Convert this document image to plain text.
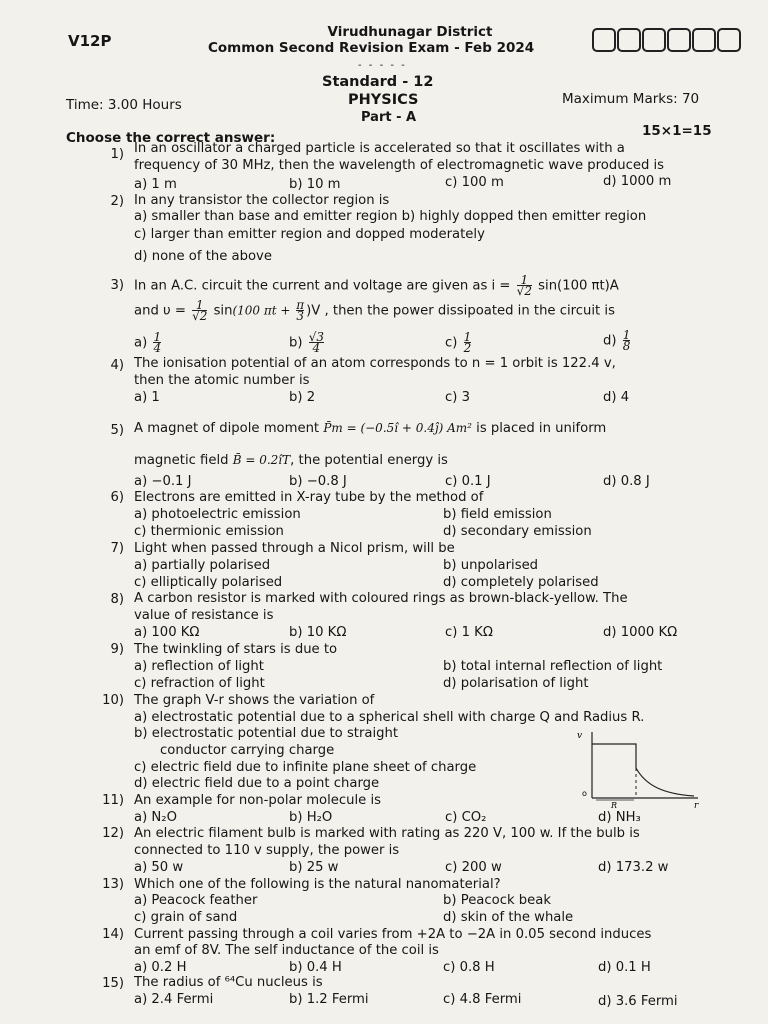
V12P	Virudhunagar District
Common Second Revision Exam - Feb 2024
- - - - -
Standard - 12
Time: 3.00 Hours	PHYSICS	Maximum Marks: 70
Part - A
Choose the correct answer:	15×1=15
1) In an oscillator a charged particle is accelerated so that it oscillates with a
frequency of 30 MHz, then the wavelength of electromagnetic wave produced is
a) 1 m	b) 10 m	c) 100 m	d) 1000 m
2) In any transistor the collector region is
a) smaller than base and emitter region b) highly dopped then emitter region
c) larger than emitter region and dopped moderately
d) none of the above
3) In an A.C. circuit the current and voltage are given as $i = \frac{1}{√2} \sin(100$ πt)A
and $\upsilon = \frac{1}{√2} \sin(100$ $\pi t + \frac{\pi}{3} )V$ , then the power dissipoated in the circuit is
$a) \frac{1}{4}$	$b) \frac{√3}{4}$	$c) \frac{1}{2}$	$d) \frac{1}{8}$
4) The ionisation potential of an atom corresponds to n = 1 orbit is 122.4 v,
then the atomic number is
a) 1	b) 2	c) 3	d) 4
5) A magnet of dipole moment P̄m = (−0.5î + 0.4ĵ) Am² is placed in uniform
magnetic field B̄ = 0.2îT, the potential energy is
a) −0.1 J	b) −0.8 J	c) 0.1 J	d) 0.8 J
6) Electrons are emitted in X-ray tube by the method of
a) photoelectric emission	b) field emission
c) thermionic emission	d) secondary emission
7) Light when passed through a Nicol prism, will be
a) partially polarised	b) unpolarised
c) elliptically polarised	d) completely polarised
8) A carbon resistor is marked with coloured rings as brown-black-yellow. The
value of resistance is
a) 100 KΩ	b) 10 KΩ	c) 1 KΩ	d) 1000 KΩ
9) The twinkling of stars is due to
a) reflection of light	b) total internal reflection of light
c) refraction of light	d) polarisation of light
10) The graph V-r shows the variation of
a) electrostatic potential due to a spherical shell with charge Q and Radius R.
b) electrostatic potential due to straight
conductor carrying charge
c) electric field due to infinite plane sheet of charge
d) electric field due to a point charge
v
o
R	r
11) An example for non-polar molecule is
a) N₂O	b) H₂O	c) CO₂	d) NH₃
12) An electric filament bulb is marked with rating as 220 V, 100 w. If the bulb is
connected to 110 v supply, the power is
a) 50 w	b) 25 w	c) 200 w	d) 173.2 w
13) Which one of the following is the natural nanomaterial?
a) Peacock feather	b) Peacock beak
c) grain of sand	d) skin of the whale
14) Current passing through a coil varies from +2A to −2A in 0.05 second induces
an emf of 8V. The self inductance of the coil is
a) 0.2 H	b) 0.4 H	c) 0.8 H	d) 0.1 H
15) The radius of ⁶⁴Cu nucleus is
a) 2.4 Fermi	b) 1.2 Fermi	c) 4.8 Fermi	d) 3.6 Fermi
